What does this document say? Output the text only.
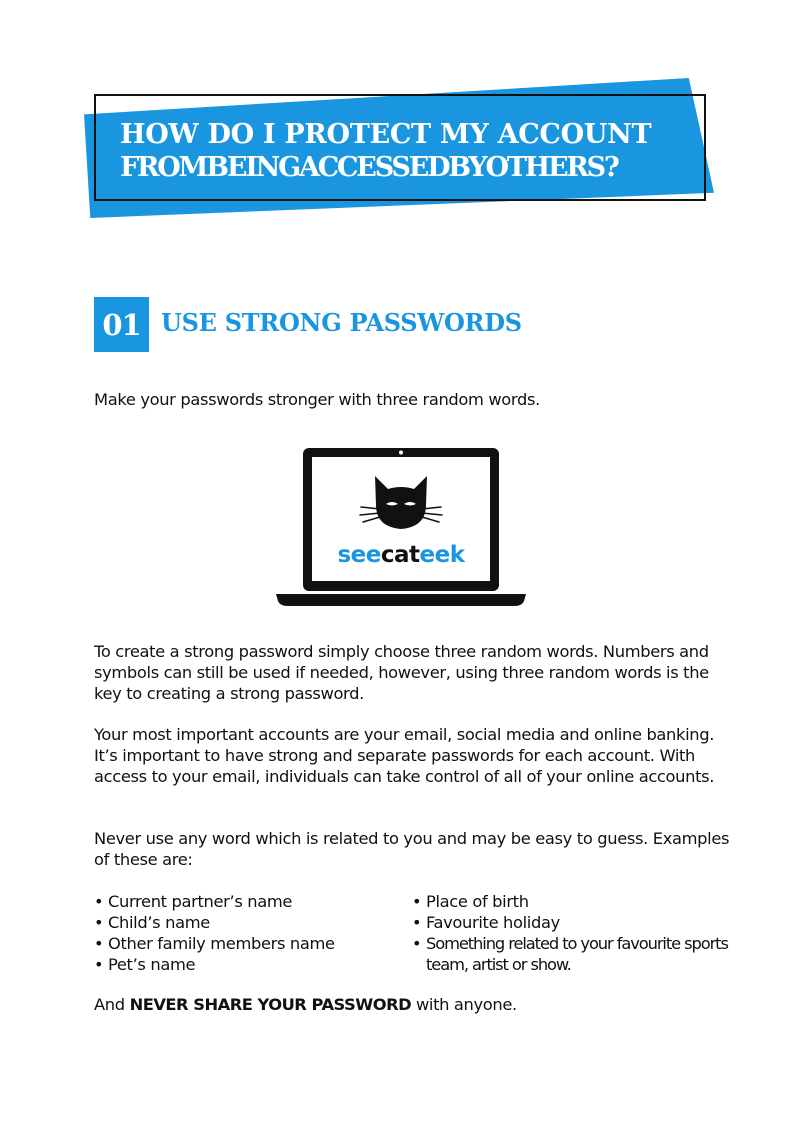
HOW DO I PROTECT MY ACCOUNT
FROMBEINGACCESSEDBYOTHERS?
01 USE STRONG PASSWORDS

Make your passwords stronger with three random words.

seecateek

To create a strong password simply choose three random words. Numbers and symbols can still be used if needed, however, using three random words is the key to creating a strong password.

Your most important accounts are your email, social media and online banking. It’s important to have strong and separate passwords for each account. With access to your email, individuals can take control of all of your online accounts.

Never use any word which is related to you and may be easy to guess. Examples of these are:

• Current partner’s name
• Child’s name
• Other family members name
• Pet’s name
• Place of birth
• Favourite holiday
• Something related to your favourite sports team, artist or show.

And NEVER SHARE YOUR PASSWORD with anyone.
